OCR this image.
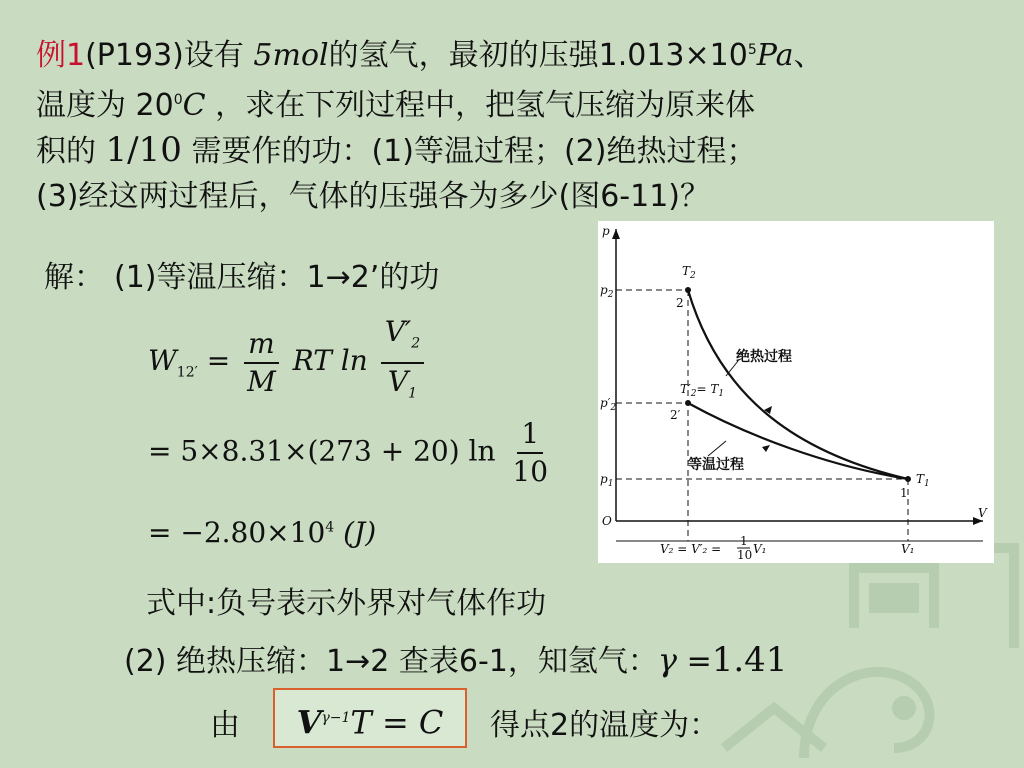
例1(P193)设有 5mol的氢气，最初的压强$1.013\times 10^5Pa$、
温度为 $20^0C$ ，求在下列过程中，把氢气压缩为原来体
积的 1/10 需要作的功：(1)等温过程；(2)绝热过程；
(3)经这两过程后，气体的压强各为多少(图6-11)？
解： (1)等温压缩：1→2’的功
$W_{12'} = \frac{m}{M}$ RT $\ln \frac{V'_2}{V_1}$
= 5×8.31×(273 + 20) $\ln \frac{1}{10}$
= $-2.80\times 10^4$ (J)
式中:负号表示外界对气体作功
(2) 绝热压缩：1→2 查表6-1，知氢气：γ =1.41
由	$V^{\gamma-1}T = C$	得点2的温度为：
p
V
O
$p_2$
$p'_2$
$p_1$
$T_2$
2
$T'_2= T_1$
2′
$T_1$
1
绝热过程
等温过程
V₂ = V′₂ =
1
10 V₁	V₁
